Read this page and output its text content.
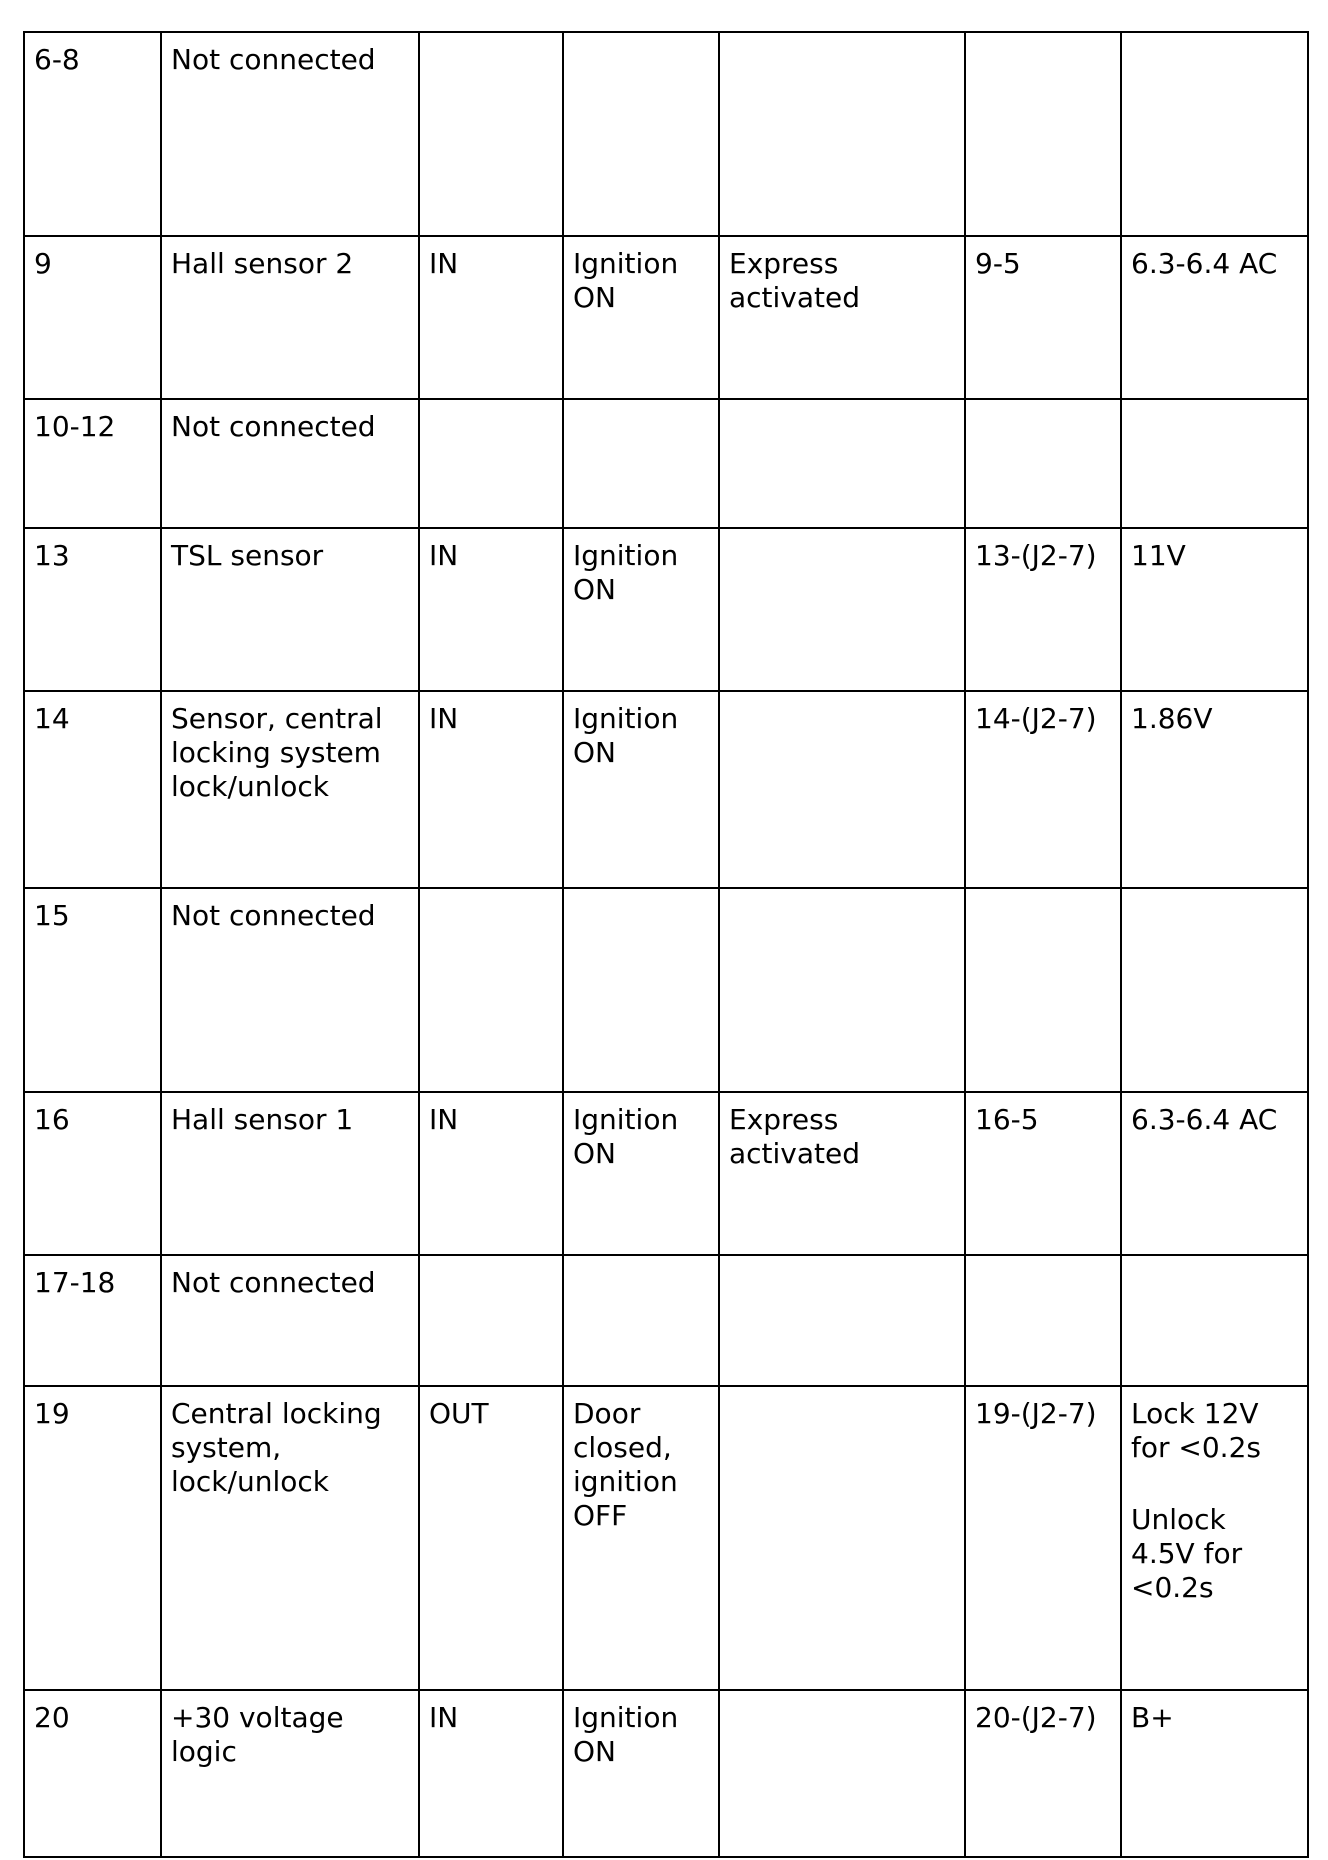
6-8	Not connected					

9	Hall sensor 2	IN	Ignition
ON	Express
activated	9-5	6.3-6.4 AC

10-12	Not connected					

13	TSL sensor	IN	Ignition
ON		13-(J2-7)	11V

14	Sensor, central
locking system
lock/unlock	IN	Ignition
ON		14-(J2-7)	1.86V

15	Not connected					

16	Hall sensor 1	IN	Ignition
ON	Express
activated	16-5	6.3-6.4 AC

17-18	Not connected					

19	Central locking
system,
lock/unlock	OUT	Door
closed,
ignition
OFF		19-(J2-7)	Lock 12V
for <0.2s
Unlock
4.5V for
<0.2s

20	+30 voltage
logic	IN	Ignition
ON		20-(J2-7)	B+
